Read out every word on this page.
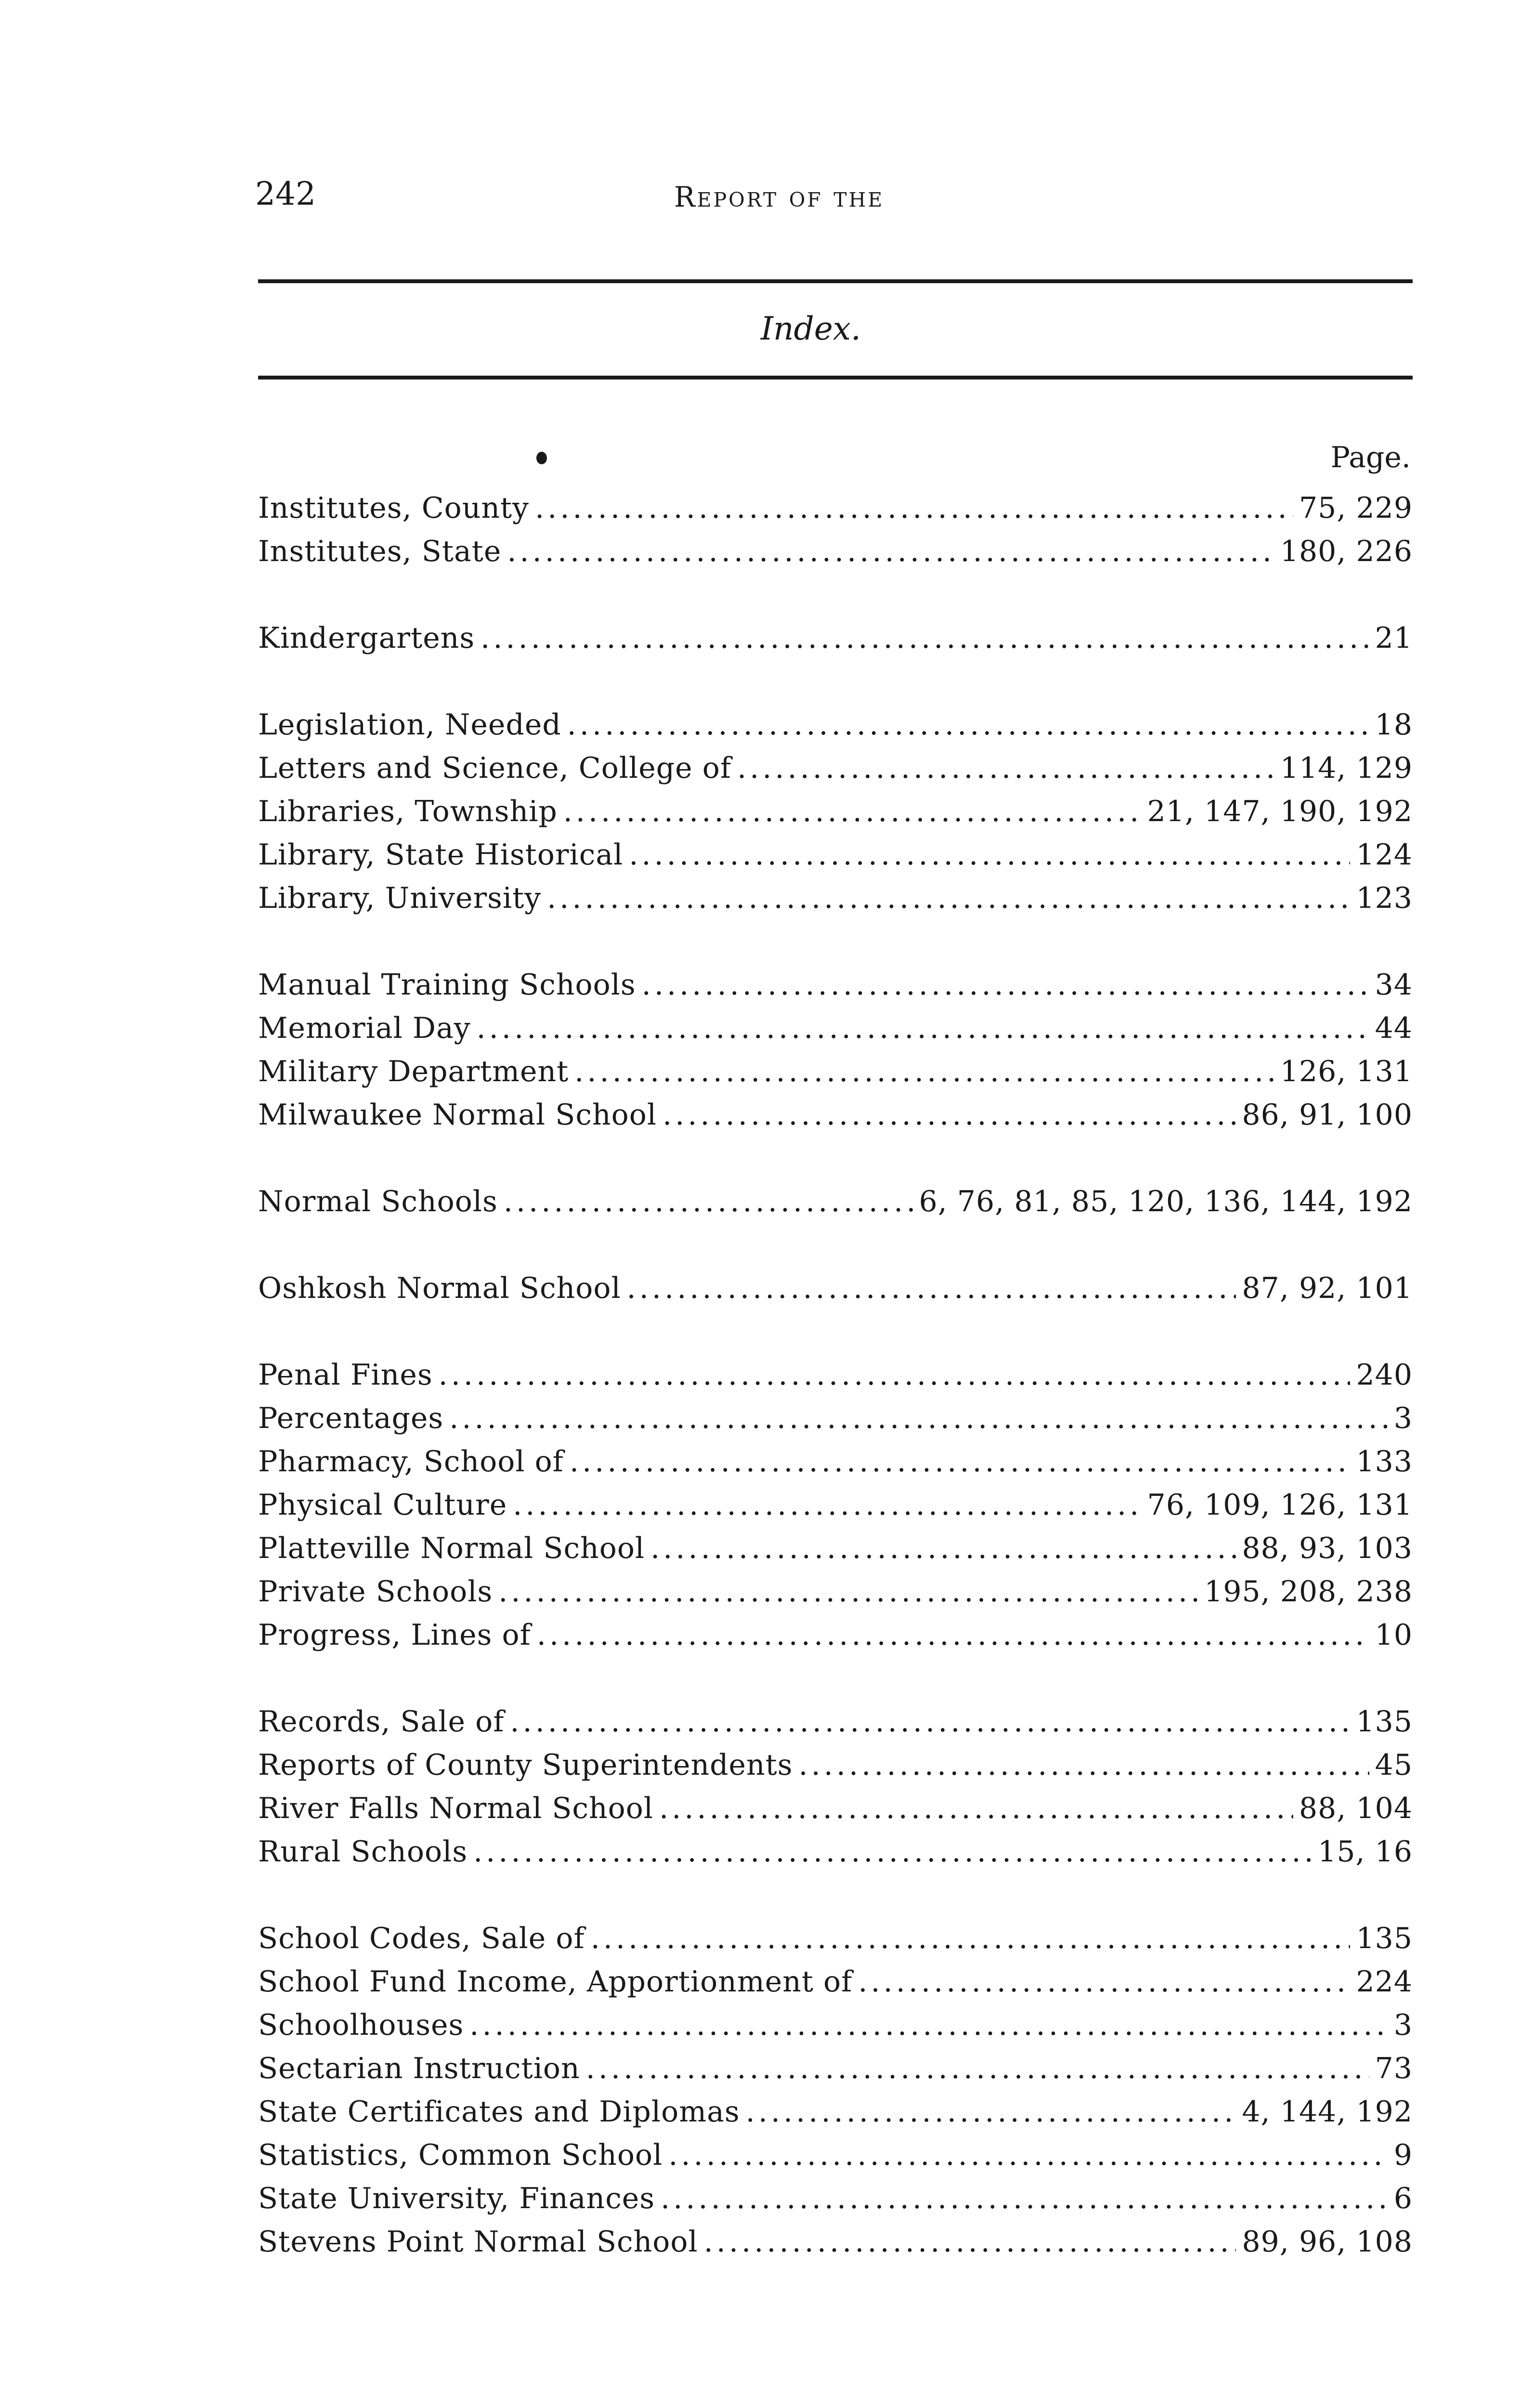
242	Report of the
Index.
Page.
Institutes, County . . .	75, 229
Institutes, State . . .	180, 226
Kindergartens . . .	21
Legislation, Needed . . .	18
Letters and Science, College of . . .	114, 129
Libraries, Township . . .	21, 147, 190, 192
Library, State Historical . . .	124
Library, University . . .	123
Manual Training Schools . . .	34
Memorial Day . . .	44
Military Department . . .	126, 131
Milwaukee Normal School . . .	86, 91, 100
Normal Schools . . .	6, 76, 81, 85, 120, 136, 144, 192
Oshkosh Normal School . . .	87, 92, 101
Penal Fines . . .	240
Percentages . . .	3
Pharmacy, School of . . .	133
Physical Culture . . .	76, 109, 126, 131
Platteville Normal School . . .	88, 93, 103
Private Schools . . .	195, 208, 238
Progress, Lines of . . .	10
Records, Sale of . . .	135
Reports of County Superintendents . . .	45
River Falls Normal School . . .	88, 104
Rural Schools . . .	15, 16
School Codes, Sale of . . .	135
School Fund Income, Apportionment of . . .	224
Schoolhouses . . .	3
Sectarian Instruction . . .	73
State Certificates and Diplomas . . .	4, 144, 192
Statistics, Common School . . .	9
State University, Finances . . .	6
Stevens Point Normal School . . .	89, 96, 108
